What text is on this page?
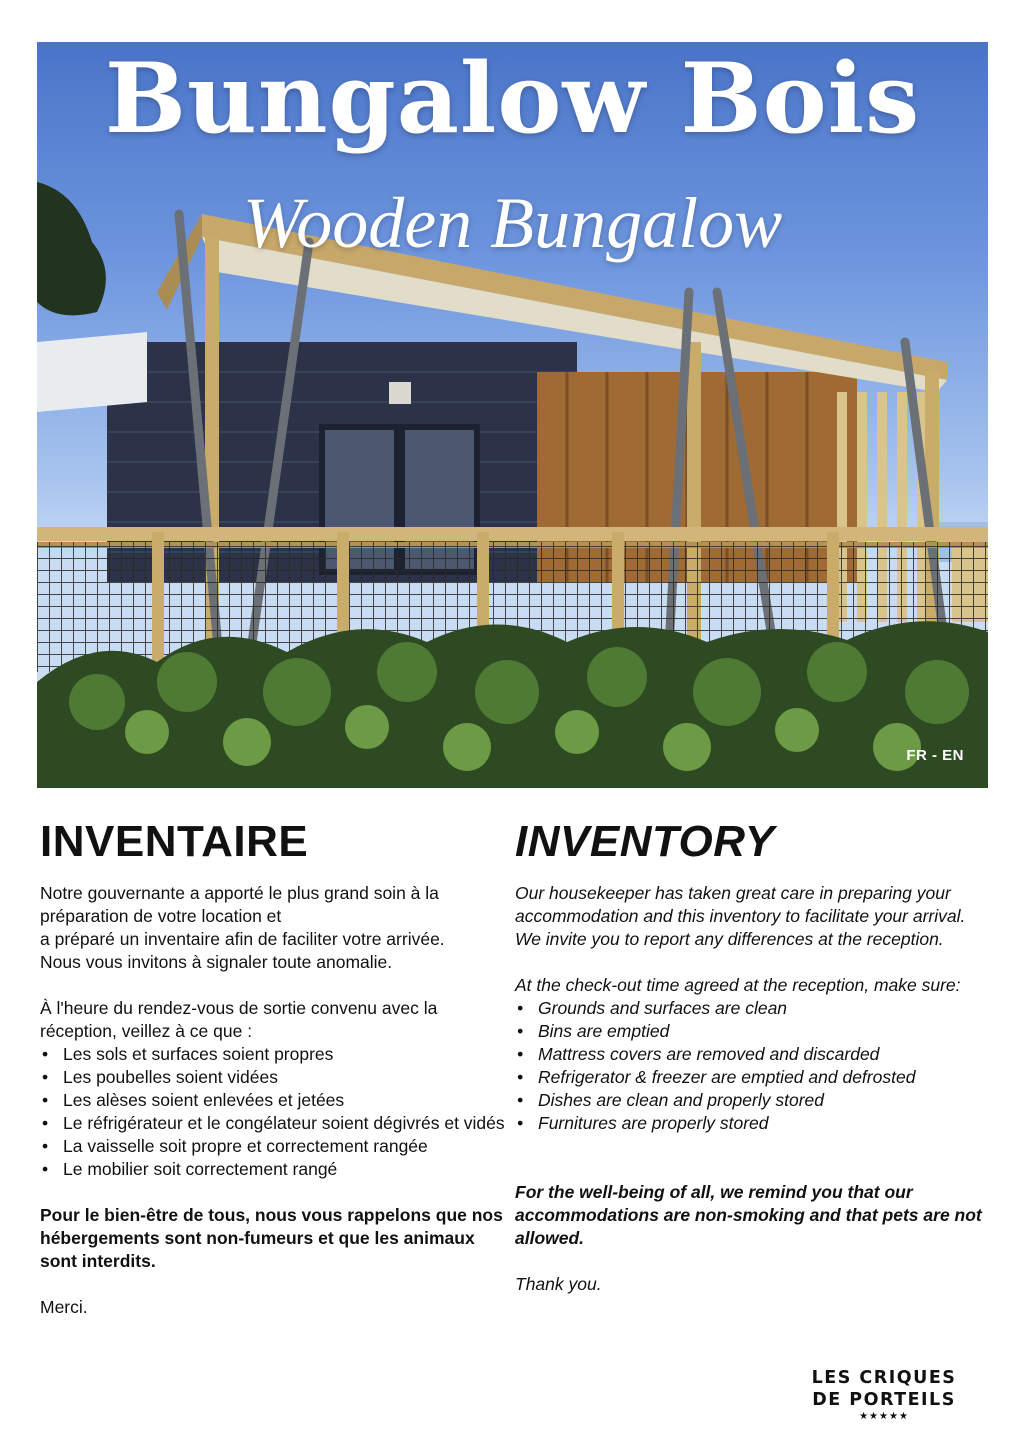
Bungalow Bois
Wooden Bungalow
FR - EN
INVENTAIRE

Notre gouvernante a apporté le plus grand soin à la préparation de votre location et

a préparé un inventaire afin de faciliter votre arrivée.

Nous vous invitons à signaler toute anomalie.

À l'heure du rendez-vous de sortie convenu avec la réception, veillez à ce que :

• Les sols et surfaces soient propres
• Les poubelles soient vidées
• Les alèses soient enlevées et jetées
• Le réfrigérateur et le congélateur soient dégivrés et vidés
• La vaisselle soit propre et correctement rangée
• Le mobilier soit correctement rangé

Pour le bien-être de tous, nous vous rappelons que nos hébergements sont non-fumeurs et que les animaux sont interdits.

Merci.

INVENTORY

Our housekeeper has taken great care in preparing your accommodation and this inventory to facilitate your arrival.

We invite you to report any differences at the reception.

At the check-out time agreed at the reception, make sure:

• Grounds and surfaces are clean
• Bins are emptied
• Mattress covers are removed and discarded
• Refrigerator & freezer are emptied and defrosted
• Dishes are clean and properly stored
• Furnitures are properly stored

For the well-being of all, we remind you that our accommodations are non-smoking and that pets are not allowed.

Thank you.

LES CRIQUES
DE PORTEILS
★★★★★
